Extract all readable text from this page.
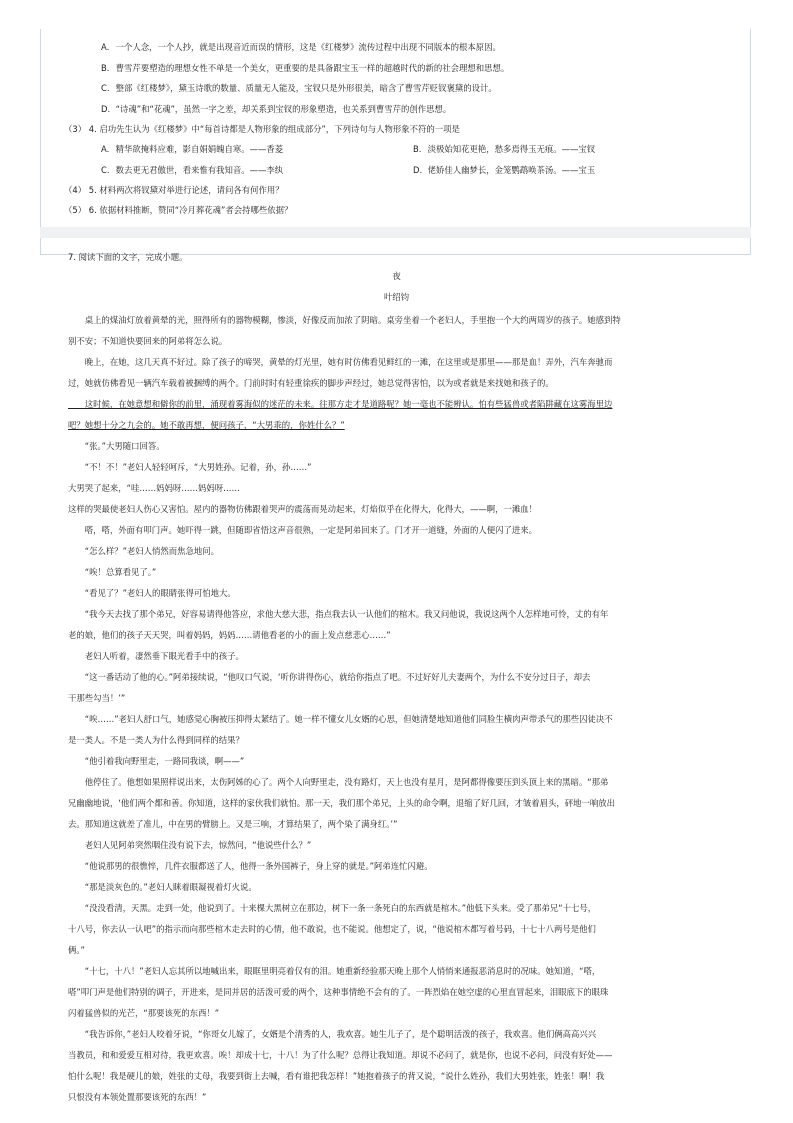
A. 一个人念，一个人抄，就是出现音近而误的情形，这是《红楼梦》流传过程中出现不同版本的根本原因。
B. 曹雪芹要塑造的理想女性不单是一个美女，更重要的是具备跟宝玉一样的超越时代的新的社会理想和思想。
C. 整部《红楼梦》，黛玉诗歌的数量、质量无人能及，宝钗只是外形很美，暗含了曹雪芹贬钗褒黛的设计。
D. “诗魂”和“花魂”，虽然一字之差，却关系到宝钗的形象塑造，也关系到曹雪芹的创作思想。
（3） 4. 启功先生认为《红楼梦》中“每首诗都是人物形象的组成部分”，下列诗句与人物形象不符的一项是
A. 精华欲掩料应难，影自娟娟魄自寒。——香菱	B. 淡极始知花更艳，愁多焉得玉无痕。——宝钗
C. 数去更无君傲世，看来惟有我知音。——李纨	D. 佬娇佳人幽梦长，金笼鹦鹉唤茶汤。——宝玉
（4） 5. 材料两次将钗黛对举进行论述，请问各有何作用？
（5） 6. 依据材料推断，赞同“冷月葬花魂”者会持哪些依据？
7. 阅读下面的文字，完成小题。
夜
叶绍钧
　　桌上的煤油灯放着黄晕的光，照得所有的器物模糊，惨淡，好像反而加浓了阴暗。桌旁坐着一个老妇人，手里抱一个大约两周岁的孩子。她感到特
别不安；不知道快要回来的阿弟将怎么说。
　　晚上，在她，这几天真不好过。除了孩子的啼哭，黄晕的灯光里，她有时仿佛看见鲜红的一滩，在这里或是那里——那是血！弄外，汽车奔驰而
过，她就仿佛看见一辆汽车载着被捆缚的两个。门前时时有轻重徐疾的脚步声经过，她总觉得害怕，以为或者就是来找她和孩子的。
　　这时候，在她意想和僻你的前里，涌现着雾海似的迷茫的未来。往那方走才是道路呢？她一毫也不能辨认。怕有些猛兽或者陷阱藏在这雾海里边
吧？她想十分之九会的。她不敢再想，便问孩子，“大男乖的，你姓什么？”
　　“张。”大男随口回答。
　　“不！不！”老妇人轻轻呵斥，“大男姓孙。记着，孙，孙……”
大男哭了起来，“哇……妈妈呀……妈妈呀……
这样的哭最使老妇人伤心又害怕。屋内的器物仿佛跟着哭声的震荡而晃动起来，灯焰似乎在化得大，化得大，——啊，一滩血！
　　嗒，嗒，外面有叩门声。她吓得一跳，但随即省悟这声音很熟，一定是阿弟回来了。门才开一道缝，外面的人便闪了进来。
　　“怎么样？”老妇人悄然而焦急地问。
　　“唉！总算看见了。”
　　“看见了？”老妇人的眼睛张得可怕地大。
　　“我今天去找了那个弟兄，好容易请得他答应，求他大慈大悲，指点我去认一认他们的棺木。我又问他说，我说这两个人怎样地可怜，丈的有年
老的娘，他们的孩子天天哭，叫着妈妈，妈妈……请他看老的小的面上发点慈悲心……”
　　老妇人听着，凄然垂下眼光看手中的孩子。
　　“这一番话动了他的心。”阿弟接续说，“他叹口气说，‘听你讲得伤心，就给你指点了吧。不过好好儿夫妻两个，为什么不安分过日子，却去
干那些勾当！’”
　　“唉……”老妇人舒口气，她感觉心胸被压抑得太紧结了。她一样不懂女儿女婿的心思，但她清楚地知道他们同脸生横肉声带杀气的那些囚徒决不
是一类人。不是一类人为什么得到同样的结果？
　　“他引着我向野里走，一路同我谈，啊——”
　　他停住了。他想如果照样说出来，太伤阿姊的心了。两个人向野里走，没有路灯，天上也没有星月，是阿都得像要压到头顶上来的黑暗。“那弟
兄幽幽地说，‘他们两个都和善。你知道，这样的家伙我们就怕。那一天，我们那个弟兄，上头的命令啊，退缩了好几回，才皱着眉头，砰地一响放出
去。那知道这就差了准儿，中在男的臂膀上。又是三响，才算结果了，两个染了满身红。’”
　　老妇人见阿弟突然咽住没有说下去，惊然问，“他说些什么？”
　　“他说那男的很憔悴，几件衣服都送了人，他得一条外国裤子，身上穿的就是。”阿弟连忙闪避。
　　“那是淡灰色的。”老妇人眯着眼凝视着灯火说。
　　“没没看清，天黑。走到一处，他说到了。十来棵大黑树立在那边，树下一条一条死白的东西就是棺木。”他低下头来。受了那弟兄“十七号，
十八号，你去认一认吧”的指示而向那些棺木走去时的心情，他不敢说，也不能说。他想定了，说，“他说棺木都写着号码，十七十八两号是他们
俩。”
　　“十七，十八！”老妇人忘其所以地喊出来，眼眶里明亮着仅有的泪。她重新经验那天晚上那个人悄悄来通报恶消息时的况味。她知道，“嗒，
嗒”叩门声是他们特别的调子，开进来，是同并居的活泼可爱的两个，这种事情绝不会有的了。一阵烈焰在她空虚的心里直冒起来，泪眼底下的眼珠
闪着猛兽似的光芒，“那要该死的东西！”
　　“我告诉你，”老妇人咬着牙说，“你哥女儿嫁了，女婿是个清秀的人，我欢喜。她生儿子了，是个聪明活泼的孩子，我欢喜。他们俩高高兴兴
当教员，和和爱爱互相对待，我更欢喜。唉！却成十七，十八！为了什么呢？总得让我知道。却说不必问了，就是你，也说不必问，问没有好处——
怕什么呢！我是硬儿的娘，姓张的丈母，我要到街上去喊，看有谁把我怎样！”她抱着孩子的背又说，“说什么姓孙，我们大男姓张，姓张！啊！我
只恨没有本领处置那要该死的东西！”
